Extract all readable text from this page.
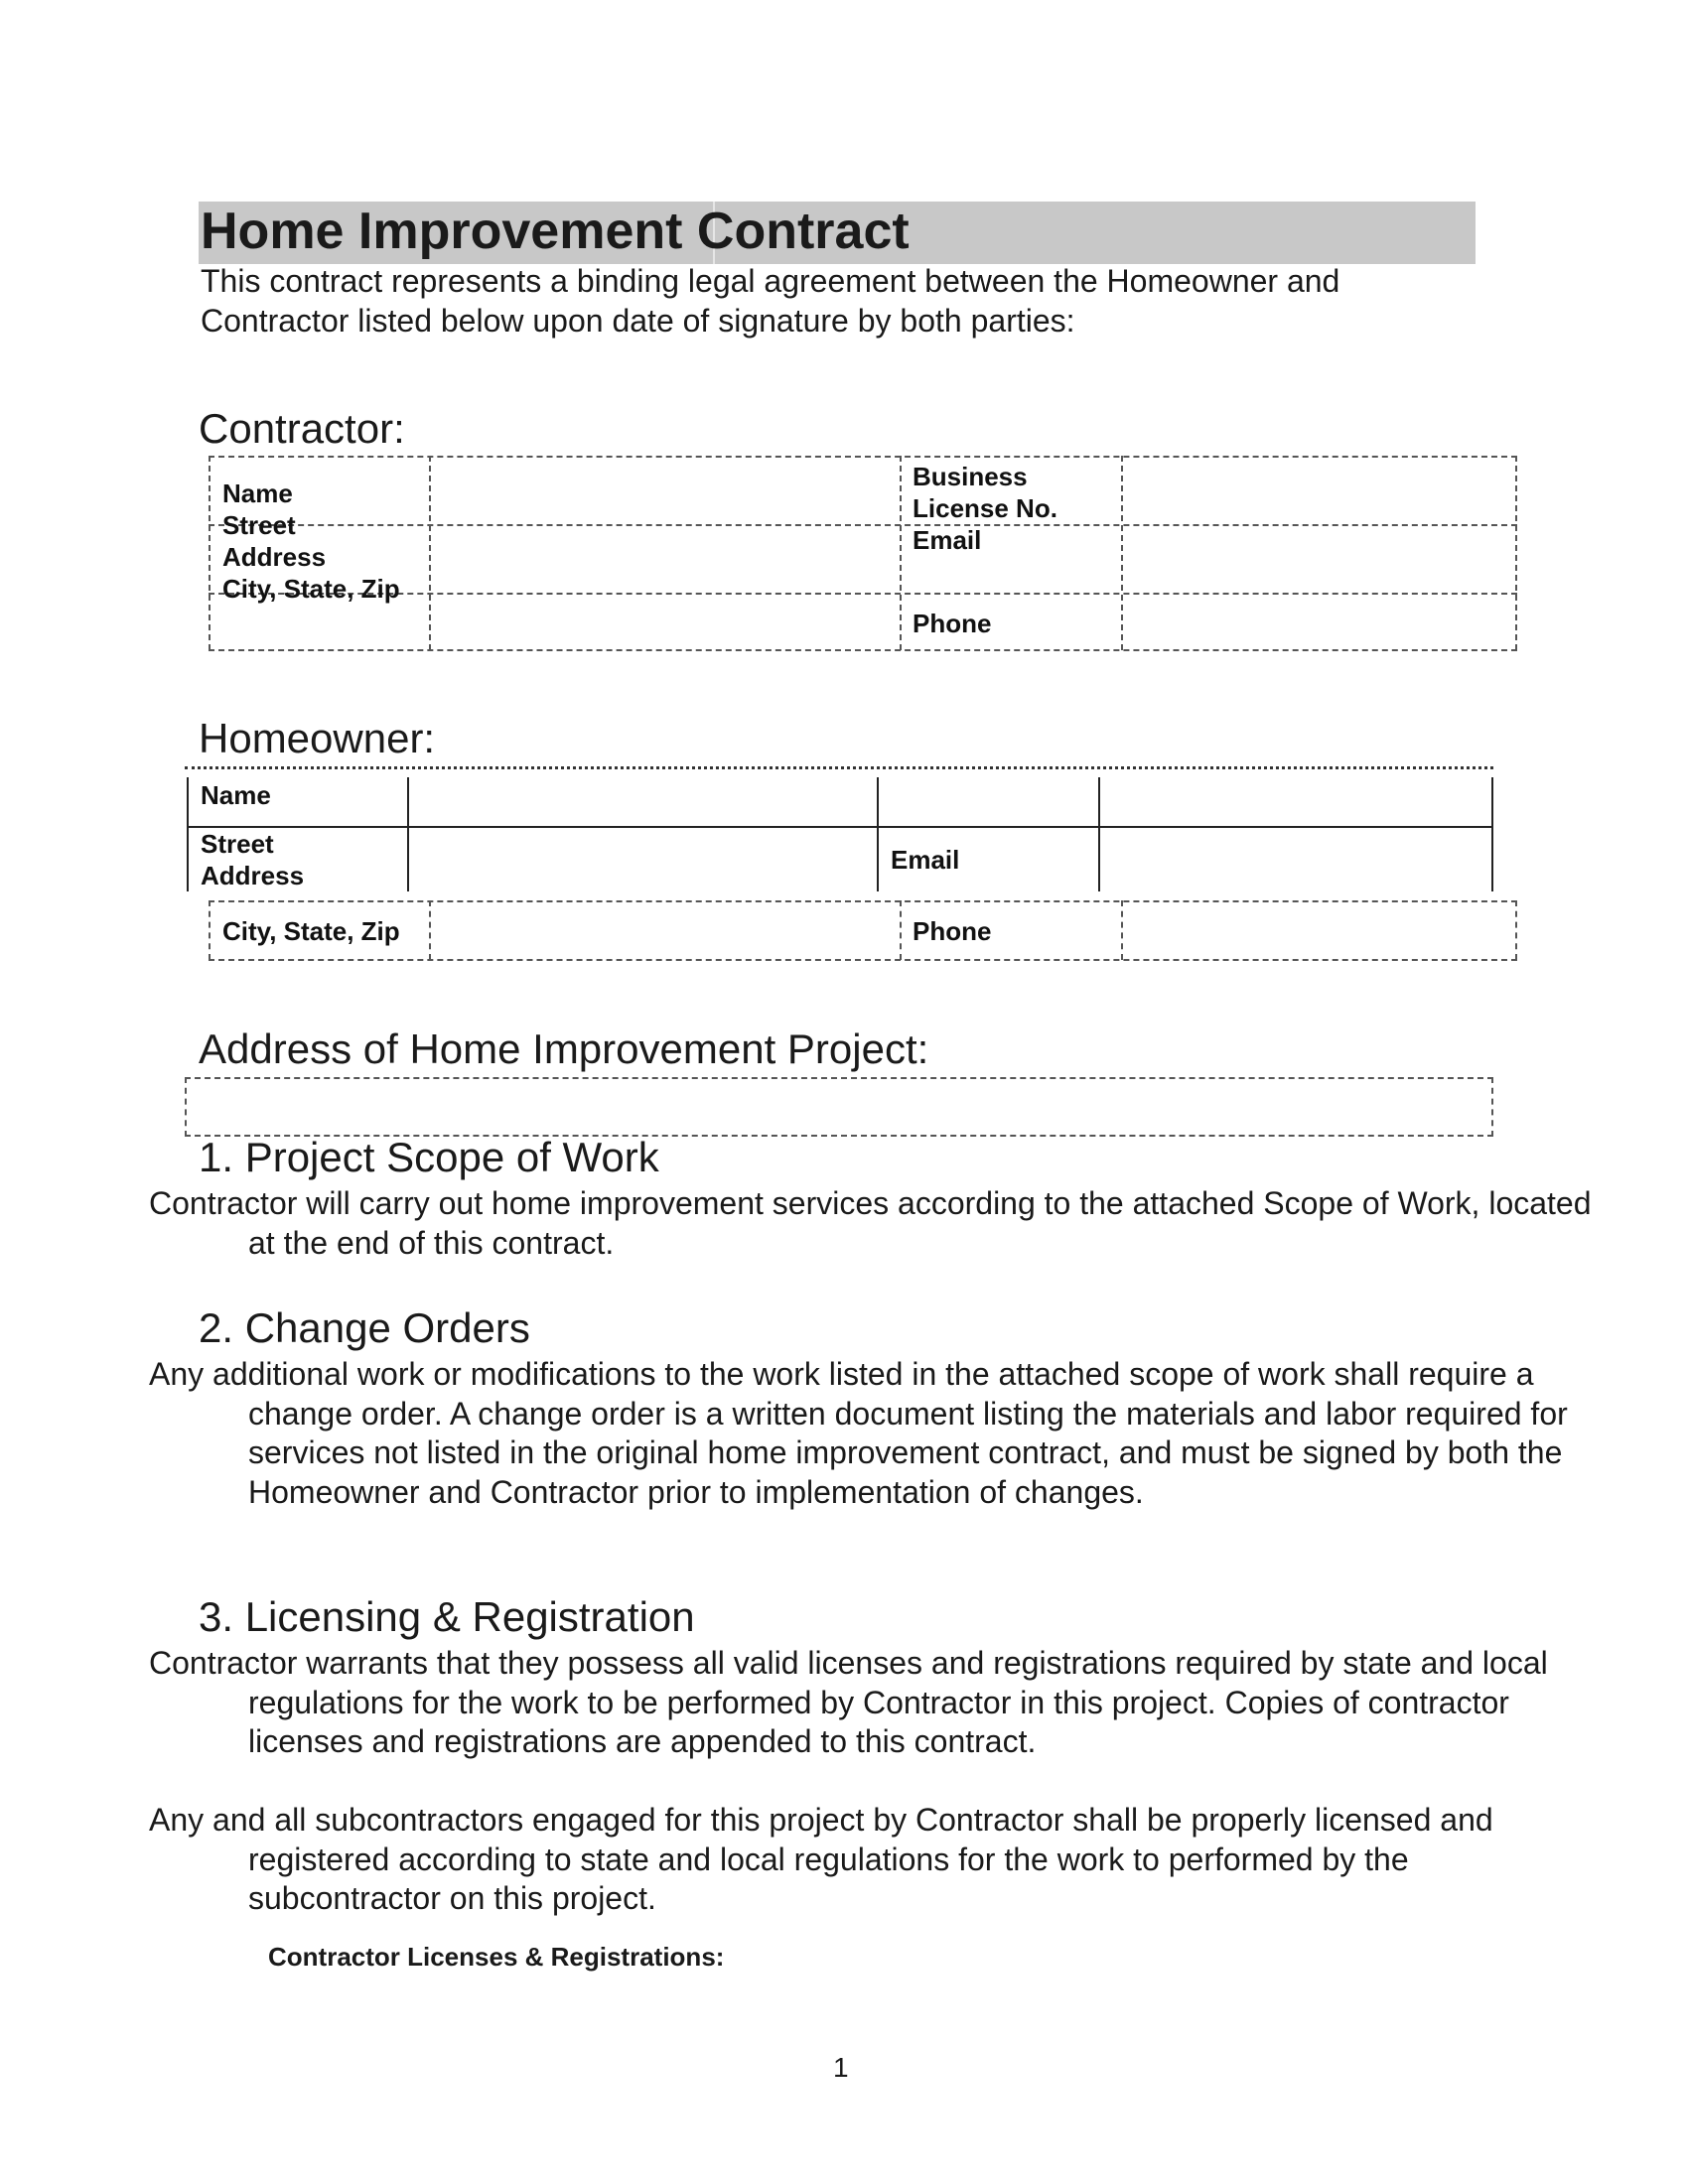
Home Improvement Contract
This contract represents a binding legal agreement between the Homeowner and Contractor listed below upon date of signature by both parties:
Contractor:
Name
Street Address
City, State, Zip
Business License No.
Email
Phone
Homeowner:
Name
Street Address
Email
City, State, Zip	Phone
Address of Home Improvement Project:
1. Project Scope of Work
Contractor will carry out home improvement services according to the attached Scope of Work, located at the end of this contract.
2. Change Orders
Any additional work or modifications to the work listed in the attached scope of work shall require a change order. A change order is a written document listing the materials and labor required for services not listed in the original home improvement contract, and must be signed by both the Homeowner and Contractor prior to implementation of changes.
3. Licensing & Registration
Contractor warrants that they possess all valid licenses and registrations required by state and local regulations for the work to be performed by Contractor in this project. Copies of contractor licenses and registrations are appended to this contract.
Any and all subcontractors engaged for this project by Contractor shall be properly licensed and registered according to state and local regulations for the work to performed by the subcontractor on this project.
Contractor Licenses & Registrations:
1
